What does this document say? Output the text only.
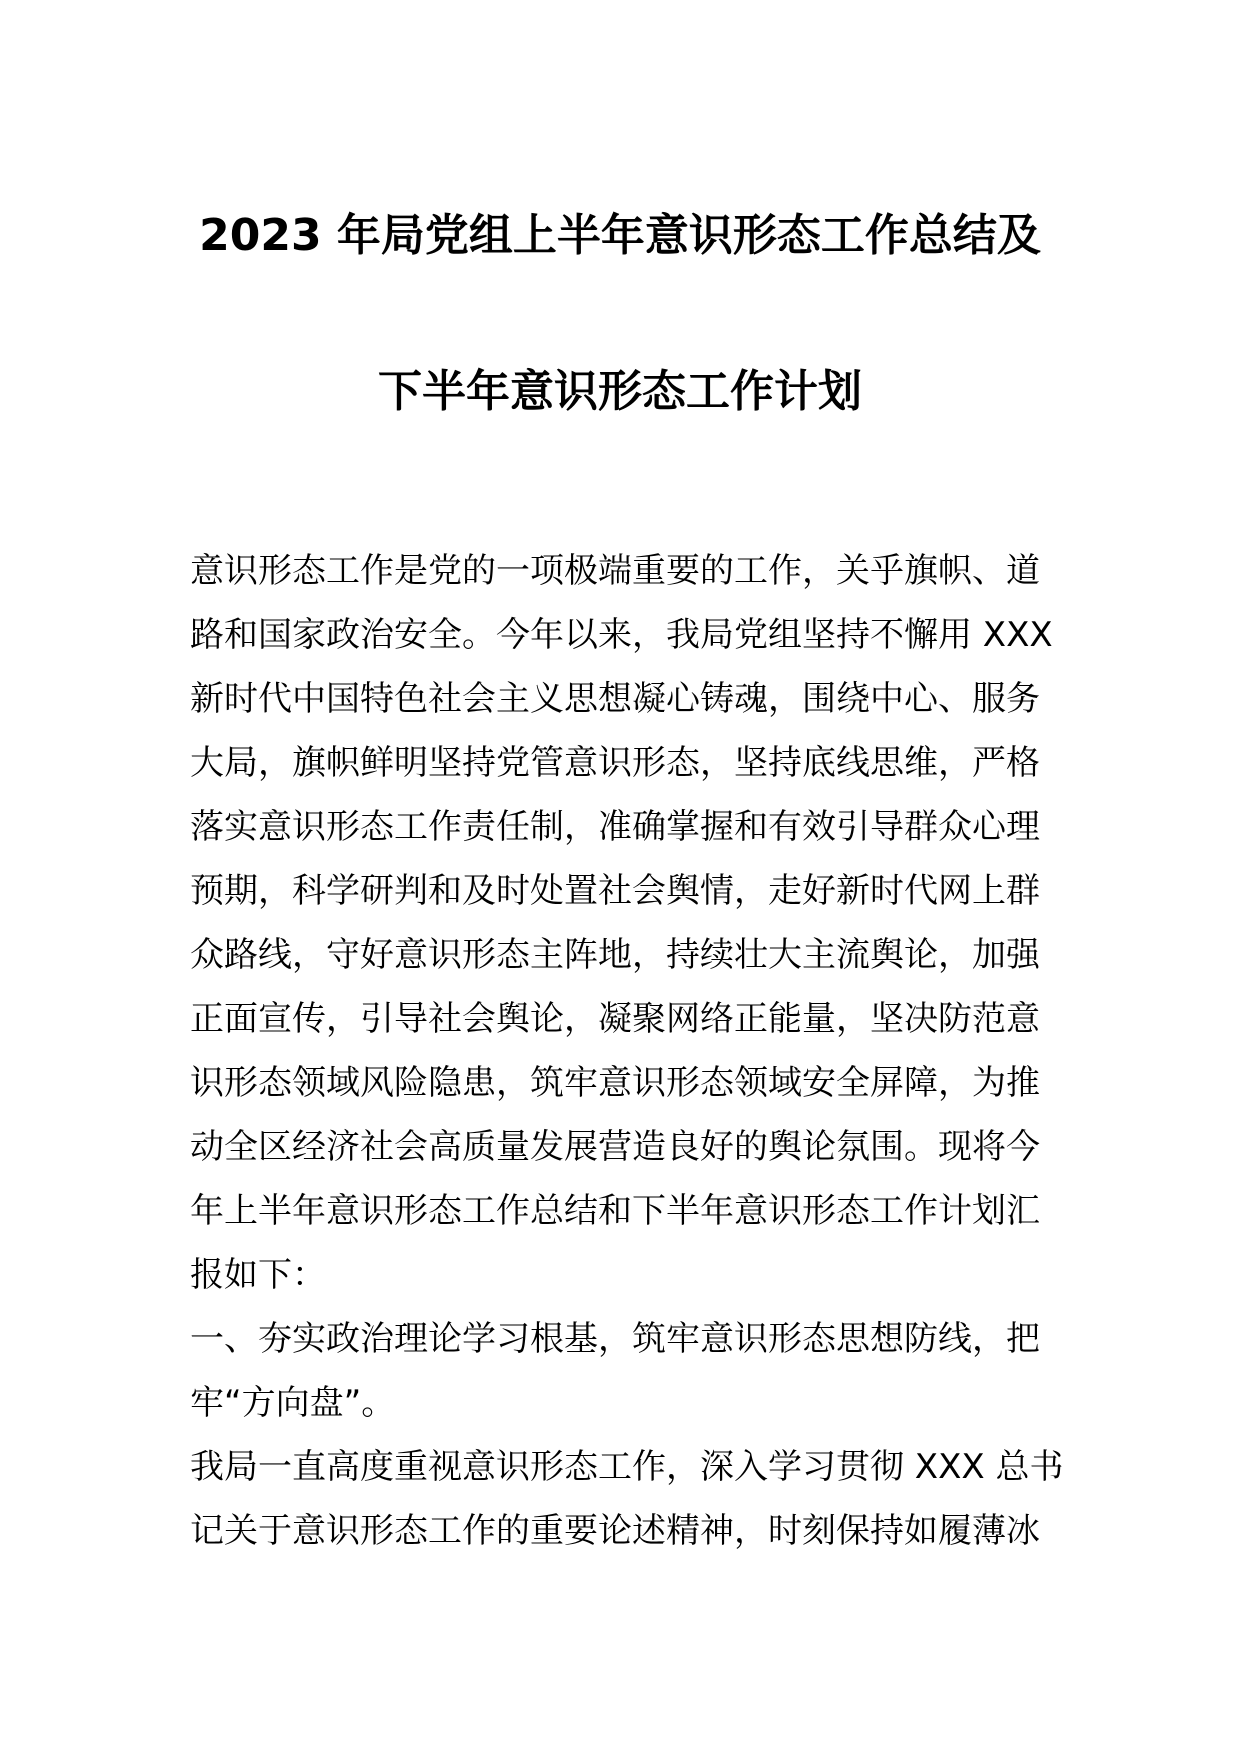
2023 年局党组上半年意识形态工作总结及
下半年意识形态工作计划
意识形态工作是党的一项极端重要的工作，关乎旗帜、道
路和国家政治安全。今年以来，我局党组坚持不懈用 XXX
新时代中国特色社会主义思想凝心铸魂，围绕中心、服务
大局，旗帜鲜明坚持党管意识形态，坚持底线思维，严格
落实意识形态工作责任制，准确掌握和有效引导群众心理
预期，科学研判和及时处置社会舆情，走好新时代网上群
众路线，守好意识形态主阵地，持续壮大主流舆论，加强
正面宣传，引导社会舆论，凝聚网络正能量，坚决防范意
识形态领域风险隐患，筑牢意识形态领域安全屏障，为推
动全区经济社会高质量发展营造良好的舆论氛围。现将今
年上半年意识形态工作总结和下半年意识形态工作计划汇
报如下：
一、夯实政治理论学习根基，筑牢意识形态思想防线，把
牢“方向盘”。
我局一直高度重视意识形态工作，深入学习贯彻 XXX 总书
记关于意识形态工作的重要论述精神，时刻保持如履薄冰
